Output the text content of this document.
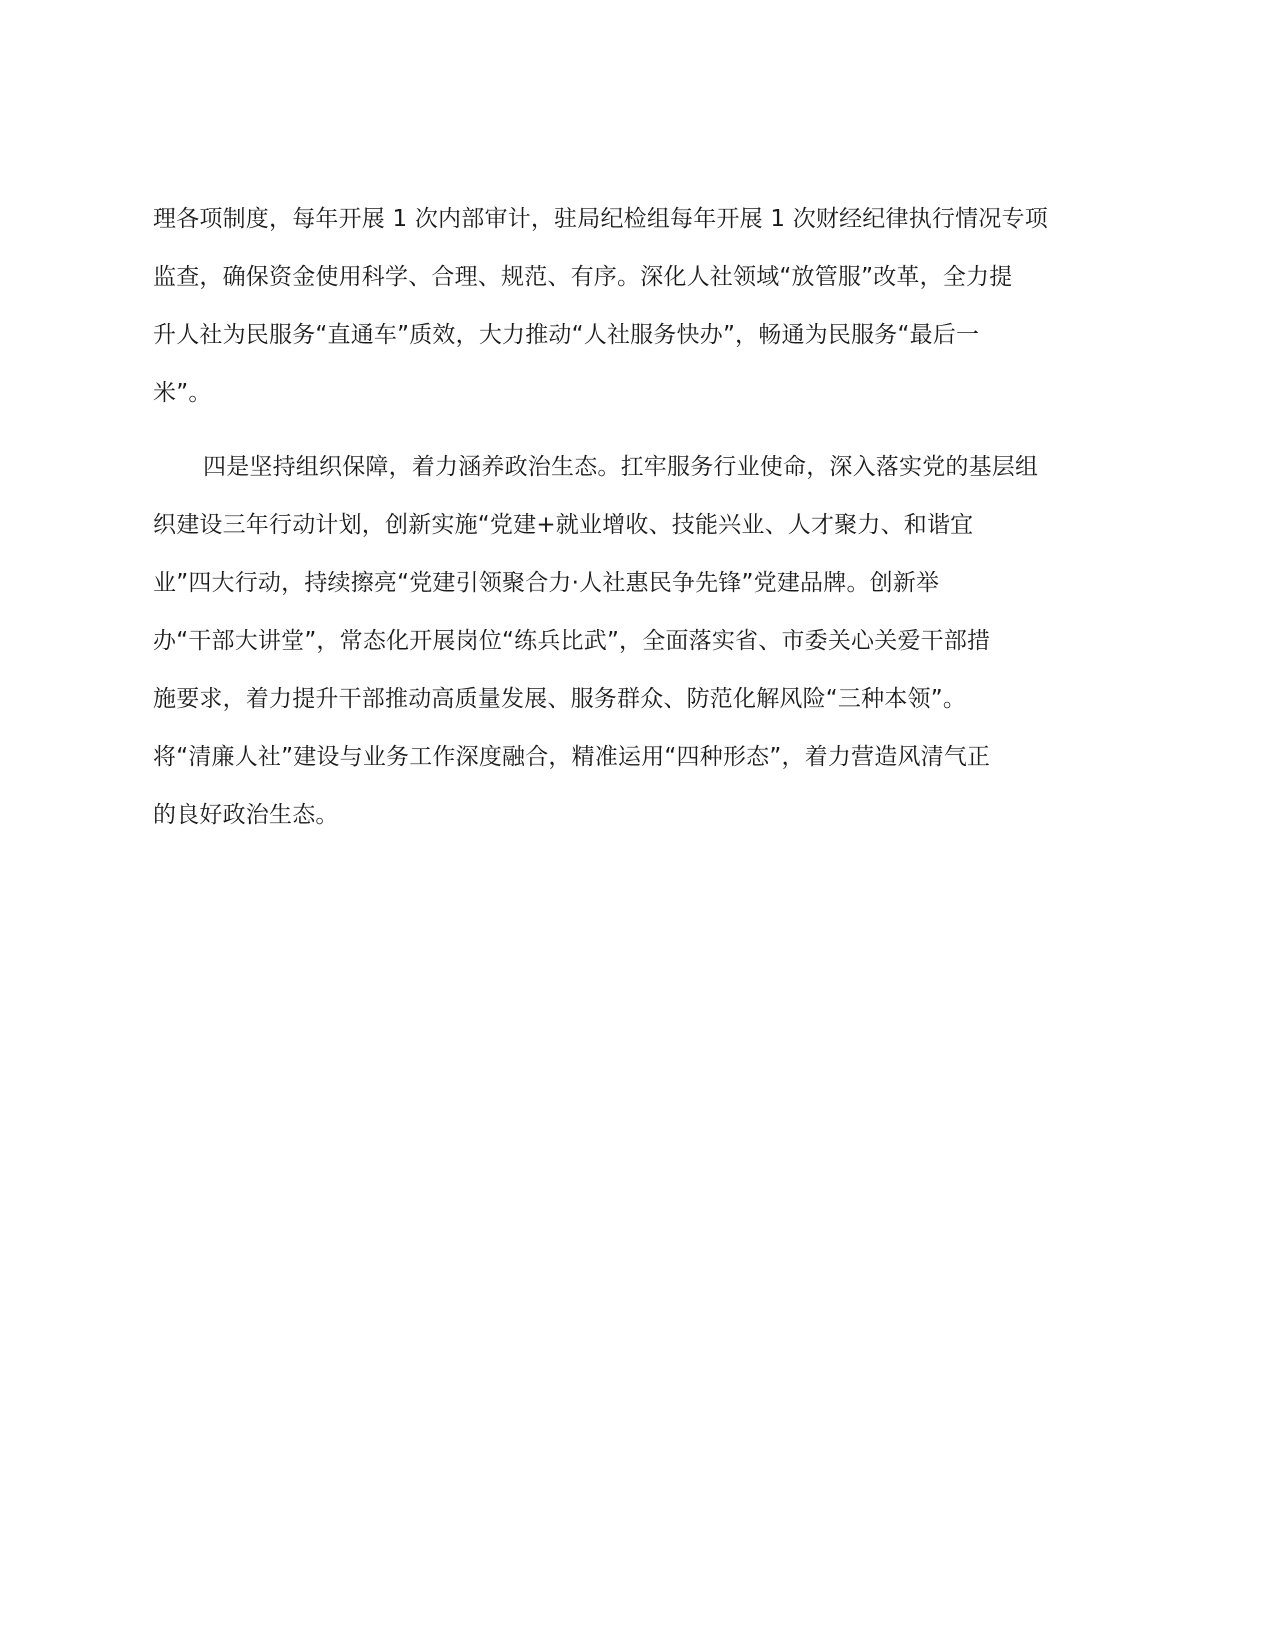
理各项制度，每年开展 1 次内部审计，驻局纪检组每年开展 1 次财经纪律执行情况专项
监查，确保资金使用科学、合理、规范、有序。深化人社领域“放管服”改革，全力提
升人社为民服务“直通车”质效，大力推动“人社服务快办”，畅通为民服务“最后一
米”。
四是坚持组织保障，着力涵养政治生态。扛牢服务行业使命，深入落实党的基层组
织建设三年行动计划，创新实施“党建+就业增收、技能兴业、人才聚力、和谐宜
业”四大行动，持续擦亮“党建引领聚合力·人社惠民争先锋”党建品牌。创新举
办“干部大讲堂”，常态化开展岗位“练兵比武”，全面落实省、市委关心关爱干部措
施要求，着力提升干部推动高质量发展、服务群众、防范化解风险“三种本领”。
将“清廉人社”建设与业务工作深度融合，精准运用“四种形态”，着力营造风清气正
的良好政治生态。
